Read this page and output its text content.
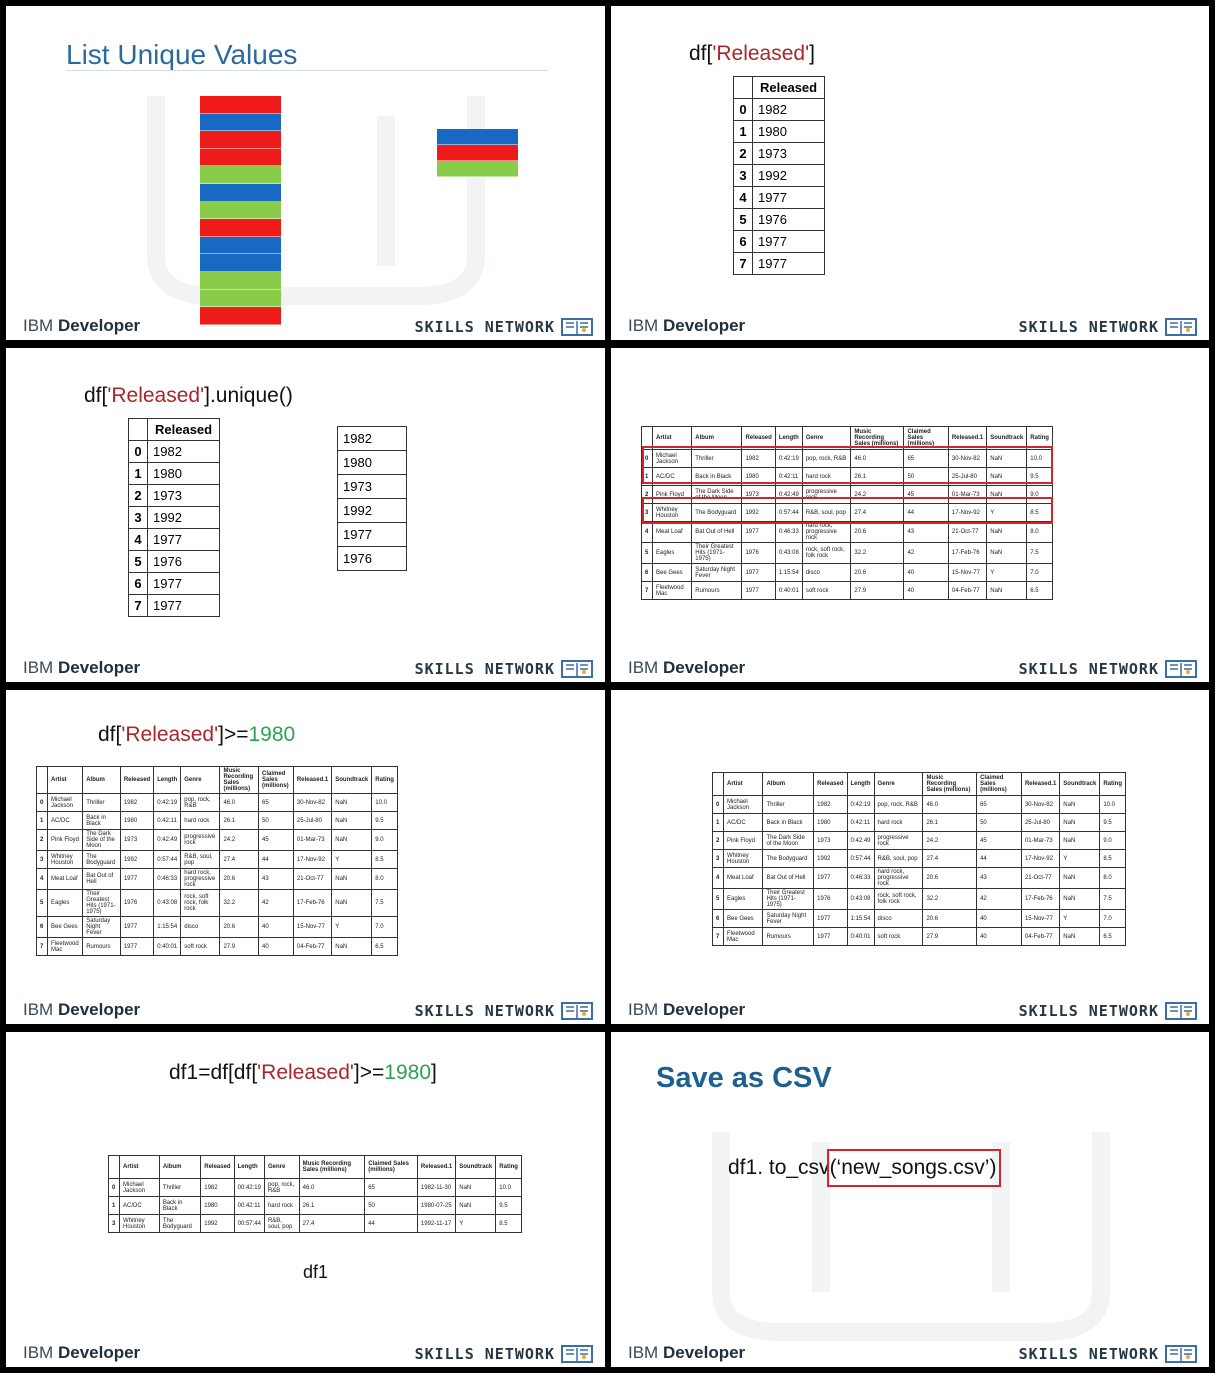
List Unique Values
IBM Developer	SKILLS NETWORK
df['Released']
	Released
0	1982
1	1980
2	1973
3	1992
4	1977
5	1976
6	1977
7	1977
IBM Developer	SKILLS NETWORK
df['Released'].unique()
	Released
0	1982
1	1980
2	1973
3	1992
4	1977
5	1976
6	1977
7	1977
1982
1980
1973
1992
1977
1976
IBM Developer	SKILLS NETWORK
	Artist	Album	Released	Length	Genre	Music Recording Sales (millions)	Claimed Sales (millions)	Released.1	Soundtrack	Rating
0	Michael Jackson	Thriller	1982	0:42:19	pop, rock, R&B	46.0	65	30-Nov-82	NaN	10.0
1	AC/DC	Back in Black	1980	0:42:11	hard rock	26.1	50	25-Jul-80	NaN	9.5
2	Pink Floyd	The Dark Side of the Moon	1973	0:42:49	progressive rock	24.2	45	01-Mar-73	NaN	9.0
3	Whitney Houston	The Bodyguard	1992	0:57:44	R&B, soul, pop	27.4	44	17-Nov-92	Y	8.5
4	Meat Loaf	Bat Out of Hell	1977	0:46:33	hard rock, progressive rock	20.6	43	21-Oct-77	NaN	8.0
5	Eagles	Their Greatest Hits (1971-1975)	1976	0:43:08	rock, soft rock, folk rock	32.2	42	17-Feb-76	NaN	7.5
6	Bee Gees	Saturday Night Fever	1977	1:15:54	disco	20.6	40	15-Nov-77	Y	7.0
7	Fleetwood Mac	Rumours	1977	0:40:01	soft rock	27.9	40	04-Feb-77	NaN	6.5
IBM Developer	SKILLS NETWORK
df['Released']>=1980
	Artist	Album	Released	Length	Genre	Music Recording Sales (millions)	Claimed Sales (millions)	Released.1	Soundtrack	Rating
0	Michael Jackson	Thriller	1982	0:42:19	pop, rock, R&B	46.0	65	30-Nov-82	NaN	10.0
1	AC/DC	Back in Black	1980	0:42:11	hard rock	26.1	50	25-Jul-80	NaN	9.5
2	Pink Floyd	The Dark Side of the Moon	1973	0:42:49	progressive rock	24.2	45	01-Mar-73	NaN	9.0
3	Whitney Houston	The Bodyguard	1992	0:57:44	R&B, soul, pop	27.4	44	17-Nov-92	Y	8.5
4	Meat Loaf	Bat Out of Hell	1977	0:46:33	hard rock, progressive rock	20.6	43	21-Oct-77	NaN	8.0
5	Eagles	Their Greatest Hits (1971-1975)	1976	0:43:08	rock, soft rock, folk rock	32.2	42	17-Feb-76	NaN	7.5
6	Bee Gees	Saturday Night Fever	1977	1:15:54	disco	20.6	40	15-Nov-77	Y	7.0
7	Fleetwood Mac	Rumours	1977	0:40:01	soft rock	27.9	40	04-Feb-77	NaN	6.5
IBM Developer	SKILLS NETWORK
	Artist	Album	Released	Length	Genre	Music Recording Sales (millions)	Claimed Sales (millions)	Released.1	Soundtrack	Rating
0	Michael Jackson	Thriller	1982	0:42:19	pop, rock, R&B	46.0	65	30-Nov-82	NaN	10.0
1	AC/DC	Back in Black	1980	0:42:11	hard rock	26.1	50	25-Jul-80	NaN	9.5
2	Pink Floyd	The Dark Side of the Moon	1973	0:42:49	progressive rock	24.2	45	01-Mar-73	NaN	9.0
3	Whitney Houston	The Bodyguard	1992	0:57:44	R&B, soul, pop	27.4	44	17-Nov-92	Y	8.5
4	Meat Loaf	Bat Out of Hell	1977	0:46:33	hard rock, progressive rock	20.6	43	21-Oct-77	NaN	8.0
5	Eagles	Their Greatest Hits (1971-1975)	1976	0:43:08	rock, soft rock, folk rock	32.2	42	17-Feb-76	NaN	7.5
6	Bee Gees	Saturday Night Fever	1977	1:15:54	disco	20.6	40	15-Nov-77	Y	7.0
7	Fleetwood Mac	Rumours	1977	0:40:01	soft rock	27.9	40	04-Feb-77	NaN	6.5
IBM Developer	SKILLS NETWORK
df1=df[df['Released']>=1980]
	Artist	Album	Released	Length	Genre	Music Recording Sales (millions)	Claimed Sales (millions)	Released.1	Soundtrack	Rating
0	Michael Jackson	Thriller	1982	00:42:19	pop, rock, R&B	46.0	65	1982-11-30	NaN	10.0
1	AC/DC	Back in Black	1980	00:42:11	hard rock	26.1	50	1980-07-25	NaN	9.5
3	Whitney Houston	The Bodyguard	1992	00:57:44	R&B, soul, pop	27.4	44	1992-11-17	Y	8.5
df1
IBM Developer	SKILLS NETWORK
Save as CSV
df1. to_csv(‘new_songs.csv’)
IBM Developer	SKILLS NETWORK
